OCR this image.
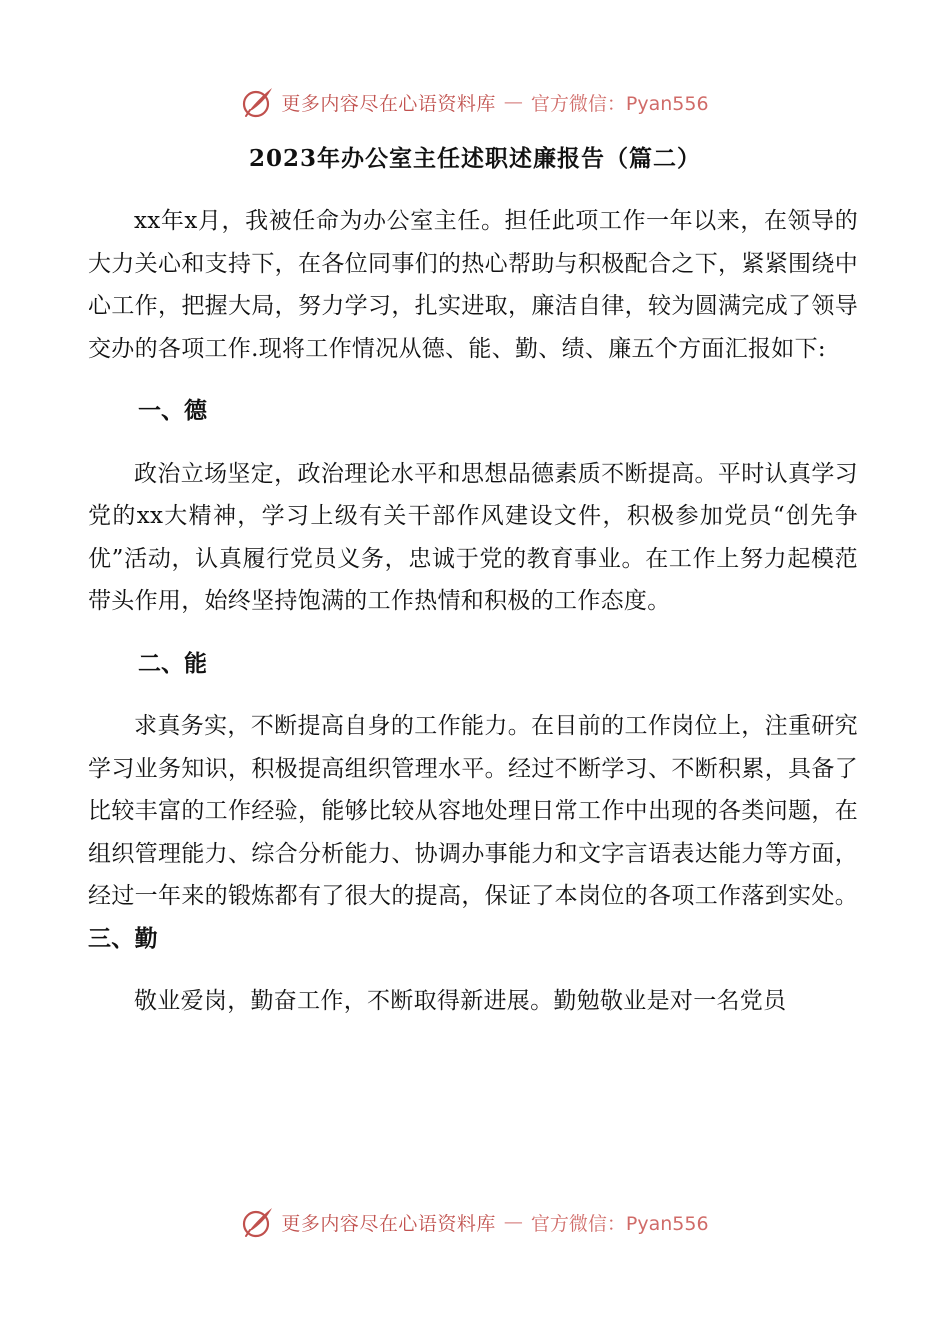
更多内容尽在心语资料库 — 官方微信：Pyan556
2023年办公室主任述职述廉报告（篇二）

xx年x月，我被任命为办公室主任。担任此项工作一年以来，在领导的大力关心和支持下，在各位同事们的热心帮助与积极配合之下，紧紧围绕中心工作，把握大局，努力学习，扎实进取，廉洁自律，较为圆满完成了领导交办的各项工作.现将工作情况从德、能、勤、绩、廉五个方面汇报如下:

一、德

政治立场坚定，政治理论水平和思想品德素质不断提高。平时认真学习党的xx大精神，学习上级有关干部作风建设文件，积极参加党员“创先争优”活动，认真履行党员义务，忠诚于党的教育事业。在工作上努力起模范带头作用，始终坚持饱满的工作热情和积极的工作态度。

二、能

求真务实，不断提高自身的工作能力。在目前的工作岗位上，注重研究学习业务知识，积极提高组织管理水平。经过不断学习、不断积累，具备了比较丰富的工作经验，能够比较从容地处理日常工作中出现的各类问题，在组织管理能力、综合分析能力、协调办事能力和文字言语表达能力等方面，经过一年来的锻炼都有了很大的提高，保证了本岗位的各项工作落到实处。三、勤

敬业爱岗，勤奋工作，不断取得新进展。勤勉敬业是对一名党员

更多内容尽在心语资料库 — 官方微信：Pyan556
